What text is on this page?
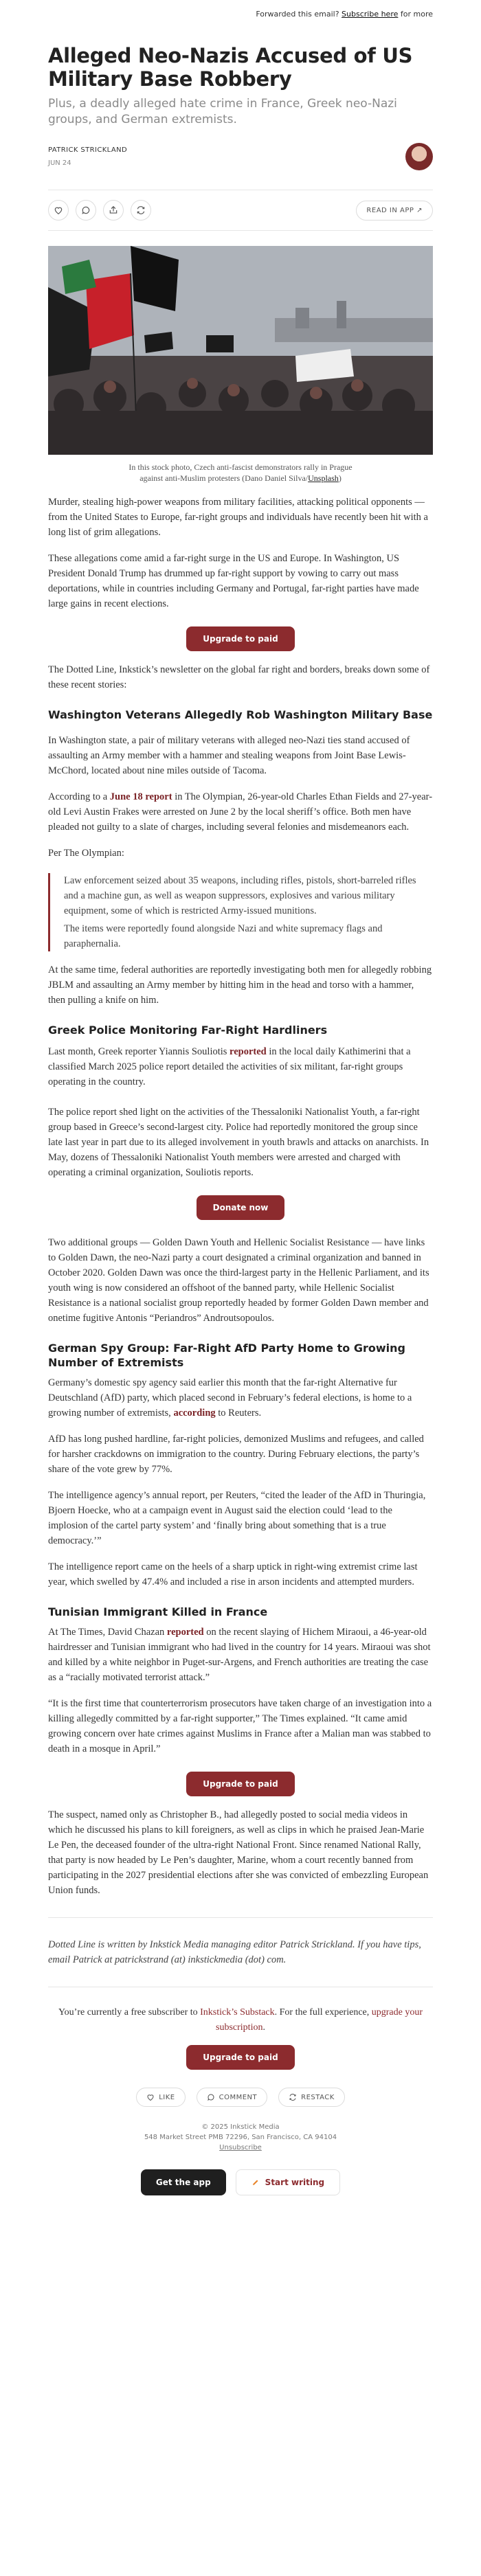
Forwarded this email? Subscribe here for more
Alleged Neo-Nazis Accused of US Military Base Robbery
Plus, a deadly alleged hate crime in France, Greek neo-Nazi groups, and German extremists.
PATRICK STRICKLAND
JUN 24
READ IN APP ↗
In this stock photo, Czech anti-fascist demonstrators rally in Prague
against anti-Muslim protesters (Dano Daniel Silva/Unsplash)

Murder, stealing high-power weapons from military facilities, attacking political opponents — from the United States to Europe, far-right groups and individuals have recently been hit with a long list of grim allegations.

These allegations come amid a far-right surge in the US and Europe. In Washington, US President Donald Trump has drummed up far-right support by vowing to carry out mass deportations, while in countries including Germany and Portugal, far-right parties have made large gains in recent elections.

Upgrade to paid

The Dotted Line, Inkstick’s newsletter on the global far right and borders, breaks down some of these recent stories:

Washington Veterans Allegedly Rob Washington Military Base

In Washington state, a pair of military veterans with alleged neo-Nazi ties stand accused of assaulting an Army member with a hammer and stealing weapons from Joint Base Lewis-McChord, located about nine miles outside of Tacoma.

According to a June 18 report in The Olympian, 26-year-old Charles Ethan Fields and 27-year-old Levi Austin Frakes were arrested on June 2 by the local sheriff’s office. Both men have pleaded not guilty to a slate of charges, including several felonies and misdemeanors each.

Per The Olympian:

Law enforcement seized about 35 weapons, including rifles, pistols, short-barreled rifles and a machine gun, as well as weapon suppressors, explosives and various military equipment, some of which is restricted Army-issued munitions.

The items were reportedly found alongside Nazi and white supremacy flags and paraphernalia.

At the same time, federal authorities are reportedly investigating both men for allegedly robbing JBLM and assaulting an Army member by hitting him in the head and torso with a hammer, then pulling a knife on him.

Greek Police Monitoring Far-Right Hardliners

Last month, Greek reporter Yiannis Souliotis reported in the local daily Kathimerini that a classified March 2025 police report detailed the activities of six militant, far-right groups operating in the country.

The police report shed light on the activities of the Thessaloniki Nationalist Youth, a far-right group based in Greece’s second-largest city. Police had reportedly monitored the group since late last year in part due to its alleged involvement in youth brawls and attacks on anarchists. In May, dozens of Thessaloniki Nationalist Youth members were arrested and charged with operating a criminal organization, Souliotis reports.

Donate now

Two additional groups — Golden Dawn Youth and Hellenic Socialist Resistance — have links to Golden Dawn, the neo-Nazi party a court designated a criminal organization and banned in October 2020. Golden Dawn was once the third-largest party in the Hellenic Parliament, and its youth wing is now considered an offshoot of the banned party, while Hellenic Socialist Resistance is a national socialist group reportedly headed by former Golden Dawn member and onetime fugitive Antonis “Periandros” Androutsopoulos.

German Spy Group: Far-Right AfD Party Home to Growing Number of Extremists

Germany’s domestic spy agency said earlier this month that the far-right Alternative fur Deutschland (AfD) party, which placed second in February’s federal elections, is home to a growing number of extremists, according to Reuters.

AfD has long pushed hardline, far-right policies, demonized Muslims and refugees, and called for harsher crackdowns on immigration to the country. During February elections, the party’s share of the vote grew by 77%.

The intelligence agency’s annual report, per Reuters, “cited the leader of the AfD in Thuringia, Bjoern Hoecke, who at a campaign event in August said the election could ‘lead to the implosion of the cartel party system’ and ‘finally bring about something that is a true democracy.’”

The intelligence report came on the heels of a sharp uptick in right-wing extremist crime last year, which swelled by 47.4% and included a rise in arson incidents and attempted murders.

Tunisian Immigrant Killed in France

At The Times, David Chazan reported on the recent slaying of Hichem Miraoui, a 46-year-old hairdresser and Tunisian immigrant who had lived in the country for 14 years. Miraoui was shot and killed by a white neighbor in Puget-sur-Argens, and French authorities are treating the case as a “racially motivated terrorist attack.”

“It is the first time that counterterrorism prosecutors have taken charge of an investigation into a killing allegedly committed by a far-right supporter,” The Times explained. “It came amid growing concern over hate crimes against Muslims in France after a Malian man was stabbed to death in a mosque in April.”

Upgrade to paid

The suspect, named only as Christopher B., had allegedly posted to social media videos in which he discussed his plans to kill foreigners, as well as clips in which he praised Jean-Marie Le Pen, the deceased founder of the ultra-right National Front. Since renamed National Rally, that party is now headed by Le Pen’s daughter, Marine, whom a court recently banned from participating in the 2027 presidential elections after she was convicted of embezzling European Union funds.

Dotted Line is written by Inkstick Media managing editor Patrick Strickland. If you have tips, email Patrick at patrickstrand (at) inkstickmedia (dot) com.

You’re currently a free subscriber to Inkstick’s Substack. For the full experience, upgrade your subscription.

Upgrade to paid
LIKE	COMMENT	RESTACK
© 2025 Inkstick Media
548 Market Street PMB 72296, San Francisco, CA 94104
Unsubscribe
Get the app	Start writing
